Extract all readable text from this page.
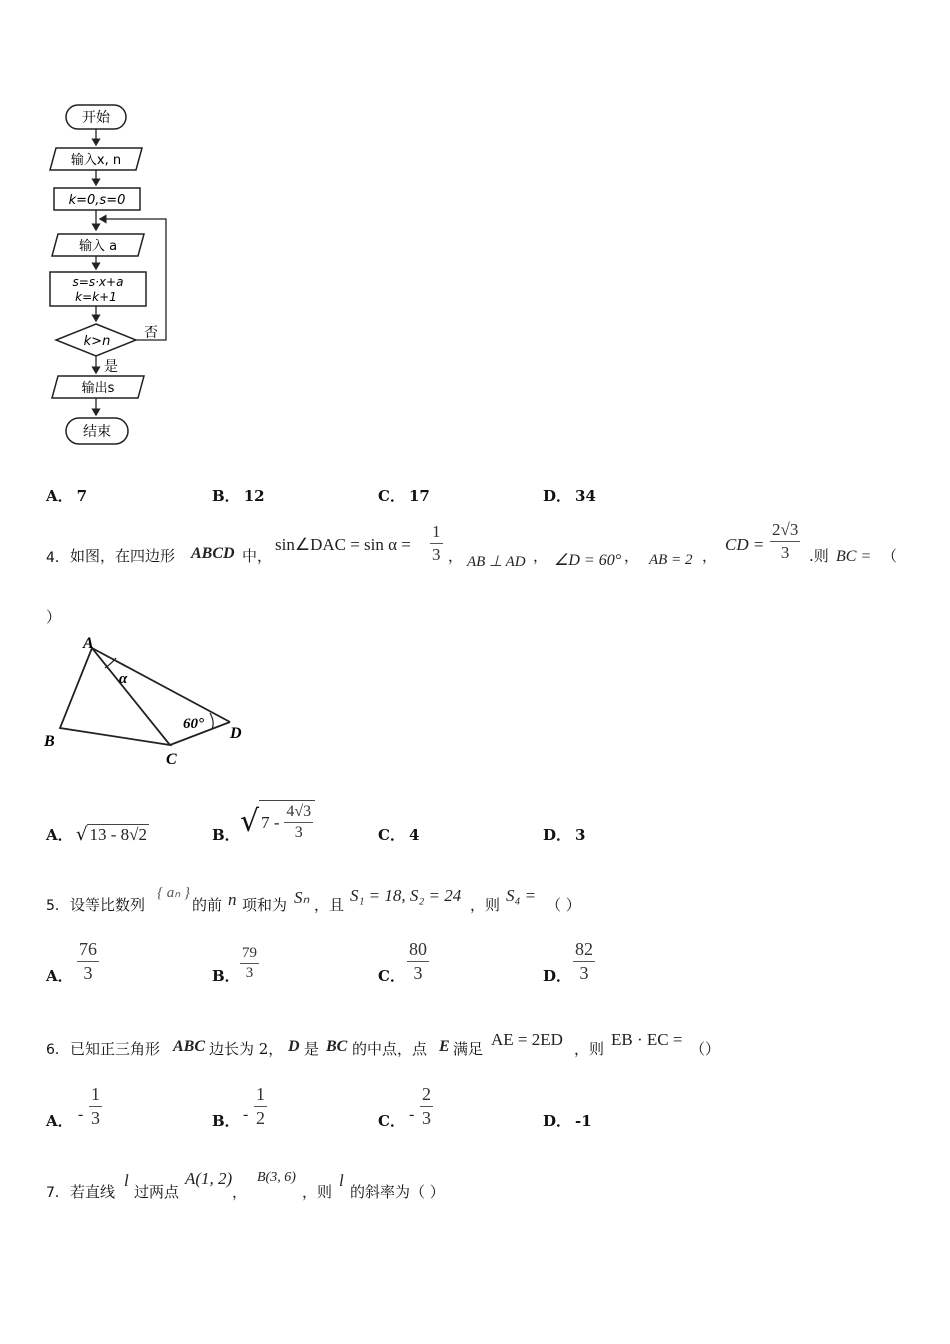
开始
输入x, n
k=0,s=0
输入 a
s=s·x+a
k=k+1
k>n
否
是
输出s
结束
A． 7	B． 12	C． 17	D． 34
4． 如图，在四边形 ABCD 中，
sin∠DAC = $\sin \alpha = \frac{1}{3}$ ， AB ⊥ AD ， ∠D = 60° ， AB = 2 ，
CD = $\frac{2√3}{3}$ .则 BC = （
）
A
B
C
D
α
60°
A． √ 13 - 8√2	B． √ $7 - \frac{4√3}{3}$	C． 4	D． 3
5． 设等比数列
{ aₙ }
的前 n 项和为 Sₙ ，且 S₁ = 18, S₂ = 24 ，则 S₄ = （ ）
A． $\frac{76}{3}$	B． $\frac{79}{3}$	C． $\frac{80}{3}$	D． $\frac{82}{3}$
6． 已知正三角形 ABC 边长为 2， D 是 BC 的中点，点 E 满足 AE = 2ED ，则 EB · EC = （）
A． - $\frac{1}{3}$	B． - $\frac{1}{2}$	C． - $\frac{2}{3}$	D． -1
7． 若直线
l
过两点
A(1, 2)
，
B(3, 6)
，则
l
的斜率为（ ）
